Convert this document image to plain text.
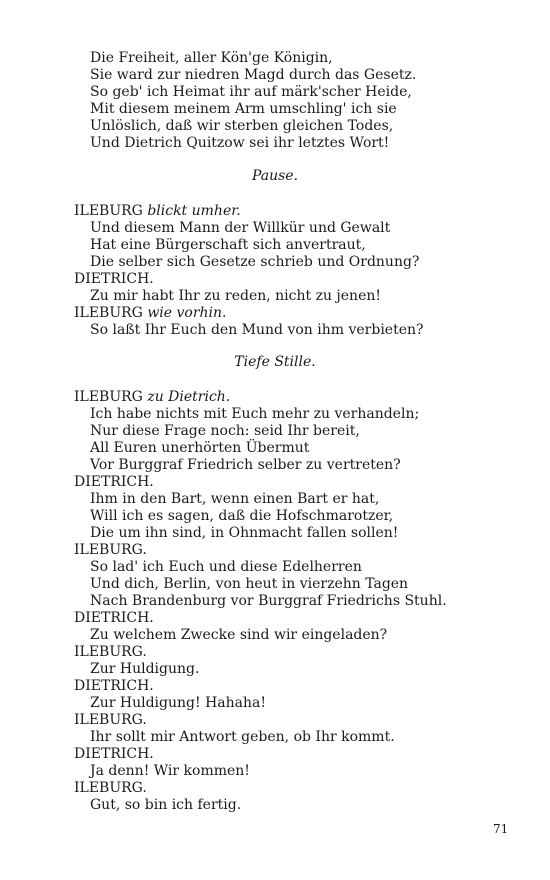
Die Freiheit, aller Kön'ge Königin,
Sie ward zur niedren Magd durch das Gesetz.
So geb' ich Heimat ihr auf märk'scher Heide,
Mit diesem meinem Arm umschling' ich sie
Unlöslich, daß wir sterben gleichen Todes,
Und Dietrich Quitzow sei ihr letztes Wort!
Pause.
ILEBURG blickt umher.
Und diesem Mann der Willkür und Gewalt
Hat eine Bürgerschaft sich anvertraut,
Die selber sich Gesetze schrieb und Ordnung?
DIETRICH.
Zu mir habt Ihr zu reden, nicht zu jenen!
ILEBURG wie vorhin.
So laßt Ihr Euch den Mund von ihm verbieten?
Tiefe Stille.
ILEBURG zu Dietrich.
Ich habe nichts mit Euch mehr zu verhandeln;
Nur diese Frage noch: seid Ihr bereit,
All Euren unerhörten Übermut
Vor Burggraf Friedrich selber zu vertreten?
DIETRICH.
Ihm in den Bart, wenn einen Bart er hat,
Will ich es sagen, daß die Hofschmarotzer,
Die um ihn sind, in Ohnmacht fallen sollen!
ILEBURG.
So lad' ich Euch und diese Edelherren
Und dich, Berlin, von heut in vierzehn Tagen
Nach Brandenburg vor Burggraf Friedrichs Stuhl.
DIETRICH.
Zu welchem Zwecke sind wir eingeladen?
ILEBURG.
Zur Huldigung.
DIETRICH.
Zur Huldigung! Hahaha!
ILEBURG.
Ihr sollt mir Antwort geben, ob Ihr kommt.
DIETRICH.
Ja denn! Wir kommen!
ILEBURG.
Gut, so bin ich fertig.
71
